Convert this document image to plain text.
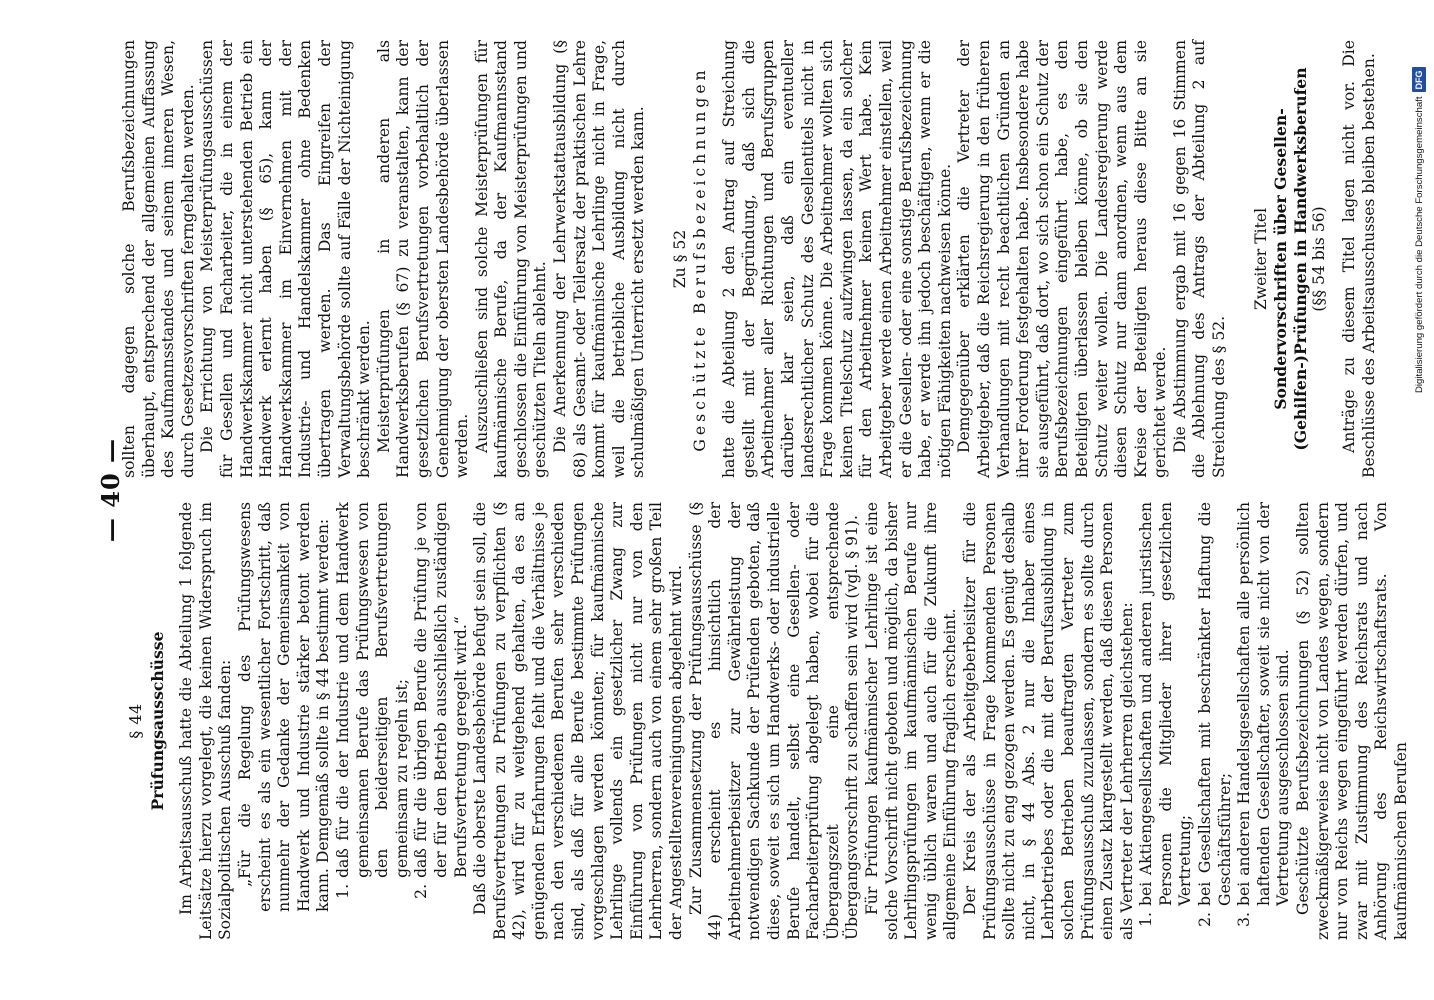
— 40 —

§ 44 Prüfungsausschüsse Im Arbeitsausschuß hatte die Abteilung 1 folgende Leitsätze hierzu vorgelegt, die keinen Widerspruch im Sozialpolitischen Ausschuß fanden: „Für die Regelung des Prüfungswesens erscheint es als ein wesentlicher Fortschritt, daß nunmehr der Gedanke der Gemeinsamkeit von Handwerk und Industrie stärker betont werden kann. Demgemäß sollte in § 44 bestimmt werden: 1.
daß für die der Industrie und dem Handwerk gemeinsamen Berufe das Prüfungswesen von den beiderseitigen Berufsvertretungen gemeinsam zu regeln ist;
2.
daß für die übrigen Berufe die Prüfung je von der für den Betrieb ausschließlich zuständigen Berufsvertretung geregelt wird.“ Daß die oberste Landesbehörde befugt sein soll, die Berufsvertretungen zu Prüfungen zu verpflichten (§ 42), wird für zu weitgehend gehalten, da es an genügenden Erfahrungen fehlt und die Verhältnisse je nach den verschiedenen Berufen sehr verschieden sind, als daß für alle Berufe bestimmte Prüfungen vorgeschlagen werden könnten; für kaufmännische Lehrlinge vollends ein gesetzlicher Zwang zur Einführung von Prüfungen nicht nur von den Lehrherren, sondern auch von einem sehr großen Teil der Angestelltenvereinigungen abgelehnt wird. Zur Zusammensetzung der Prüfungsausschüsse (§ 44) erscheint es hinsichtlich der Arbeitnehmerbeisitzer zur Gewährleistung der notwendigen Sachkunde der Prüfenden geboten, daß diese, soweit es sich um Handwerks- oder industrielle Berufe handelt, selbst eine Gesellen- oder Facharbeiterprüfung abgelegt haben, wobei für die Übergangszeit eine entsprechende Übergangsvorschrift zu schaffen sein wird (vgl. § 91). Für Prüfungen kaufmännischer Lehrlinge ist eine solche Vorschrift nicht geboten und möglich, da bisher Lehrlingsprüfungen im kaufmännischen Berufe nur wenig üblich waren und auch für die Zukunft ihre allgemeine Einführung fraglich erscheint. Der Kreis der als Arbeitgeberbeisitzer für die Prüfungsausschüsse in Frage kommenden Personen sollte nicht zu eng gezogen werden. Es genügt deshalb nicht, in § 44 Abs. 2 nur die Inhaber eines Lehrbetriebes oder die mit der Berufsausbildung in solchen Betrieben beauftragten Vertreter zum Prüfungsausschuß zuzulassen, sondern es sollte durch einen Zusatz klargestellt werden, daß diesen Personen als Vertreter der Lehrherren gleichstehen: 1.
bei Aktiengesellschaften und anderen juristischen Personen die Mitglieder ihrer gesetzlichen Vertretung;
2.
bei Gesellschaften mit beschränkter Haftung die Geschäftsführer;
3.
bei anderen Handelsgesellschaften alle persönlich haftenden Gesellschafter, soweit sie nicht von der Vertretung ausgeschlossen sind. Geschützte Berufsbezeichnungen (§ 52) sollten zweckmäßigerweise nicht von Landes wegen, sondern nur von Reichs wegen eingeführt werden dürfen, und zwar mit Zustimmung des Reichsrats und nach Anhörung des Reichswirtschaftsrats. Von kaufmännischen Berufen

sollten dagegen solche Berufsbezeichnungen überhaupt, entsprechend der allgemeinen Auffassung des Kaufmannsstandes und seinem inneren Wesen, durch Gesetzesvorschriften ferngehalten werden. Die Errichtung von Meisterprüfungsausschüssen für Gesellen und Facharbeiter, die in einem der Handwerkskammer nicht unterstehenden Betrieb ein Handwerk erlernt haben (§ 65), kann der Handwerkskammer im Einvernehmen mit der Industrie- und Handelskammer ohne Bedenken übertragen werden. Das Eingreifen der Verwaltungsbehörde sollte auf Fälle der Nichteinigung beschränkt werden. Meisterprüfungen in anderen als Handwerksberufen (§ 67) zu veranstalten, kann der gesetzlichen Berufsvertretungen vorbehaltlich der Genehmigung der obersten Landesbehörde überlassen werden. Auszuschließen sind solche Meisterprüfungen für kaufmännische Berufe, da der Kaufmannsstand geschlossen die Einführung von Meisterprüfungen und geschützten Titeln ablehnt. Die Anerkennung der Lehrwerkstattausbildung (§ 68) als Gesamt- oder Teilersatz der praktischen Lehre kommt für kaufmännische Lehrlinge nicht in Frage, weil die betriebliche Ausbildung nicht durch schulmäßigen Unterricht ersetzt werden kann. Zu § 52 Geschützte Berufsbezeichnungen hatte die Abteilung 2 den Antrag auf Streichung gestellt mit der Begründung, daß sich die Arbeitnehmer aller Richtungen und Berufsgruppen darüber klar seien, daß ein eventueller landesrechtlicher Schutz des Gesellentitels nicht in Frage kommen könne. Die Arbeitnehmer wollten sich keinen Titelschutz aufzwingen lassen, da ein solcher für den Arbeitnehmer keinen Wert habe. Kein Arbeitgeber werde einen Arbeitnehmer einstellen, weil er die Gesellen- oder eine sonstige Berufsbezeichnung habe, er werde ihn jedoch beschäftigen, wenn er die nötigen Fähigkeiten nachweisen könne. Demgegenüber erklärten die Vertreter der Arbeitgeber, daß die Reichsregierung in den früheren Verhandlungen mit recht beachtlichen Gründen an ihrer Forderung festgehalten habe. Insbesondere habe sie ausgeführt, daß dort, wo sich schon ein Schutz der Berufsbezeichnungen eingeführt habe, es den Beteiligten überlassen bleiben könne, ob sie den Schutz weiter wollen. Die Landesregierung werde diesen Schutz nur dann anordnen, wenn aus dem Kreise der Beteiligten heraus diese Bitte an sie gerichtet werde. Die Abstimmung ergab mit 16 gegen 16 Stimmen die Ablehnung des Antrags der Abteilung 2 auf Streichung des § 52.

Zweiter Titel Sondervorschriften über Gesellen-(Gehilfen-)Prüfungen in Handwerksberufen (§§ 54 bis 56) Anträge zu diesem Titel lagen nicht vor. Die Beschlüsse des Arbeitsausschusses bleiben bestehen.	Digitalisierung gefördert durch die Deutsche ForschungsgemeinschaftDFG
